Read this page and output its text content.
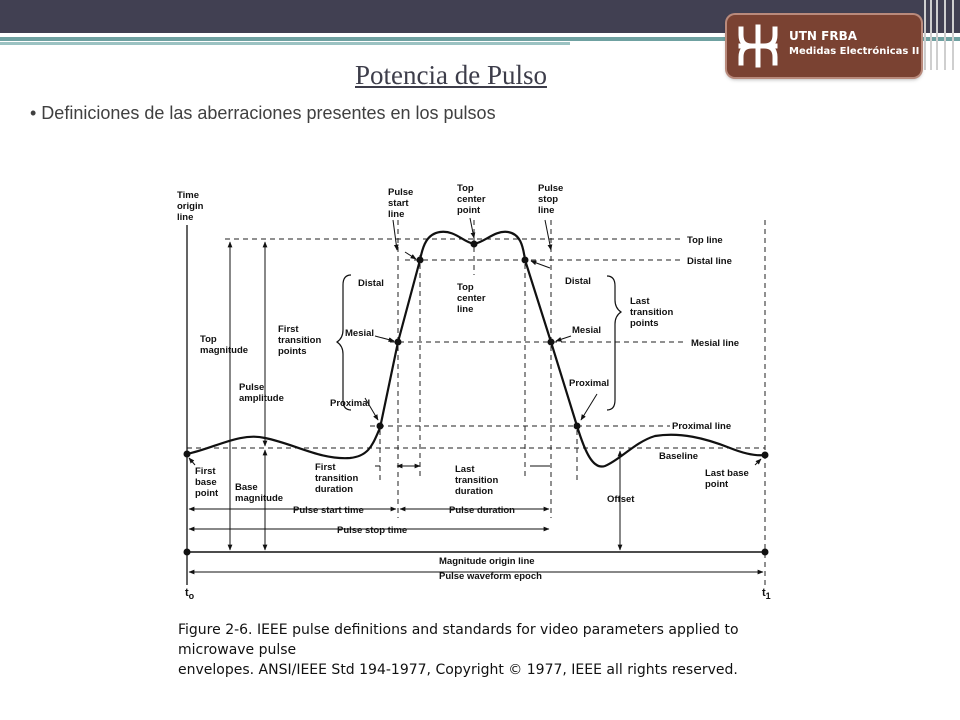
UTN FRBA
Medidas Electrónicas II
Potencia de Pulso
• Definiciones de las aberraciones presentes en los pulsos
Time origin line
Pulse start line
Top center point
Pulse stop line
Top line
Distal line
Distal	Distal
Top center line
Last transition points
First transition points
Top magnitude
Mesial	Mesial
Mesial line
Pulse amplitude	Proximal
Proximal
Proximal line
Baseline
First base point
Base magnitude
First transition duration
Last transition duration
Offset
Last base point
Pulse start time	Pulse duration
Pulse stop time
Magnitude origin line
Pulse waveform epoch
$t_o$	$t_1$
Figure 2-6. IEEE pulse definitions and standards for video parameters applied to microwave pulse
envelopes. ANSI/IEEE Std 194-1977, Copyright © 1977, IEEE all rights reserved.
